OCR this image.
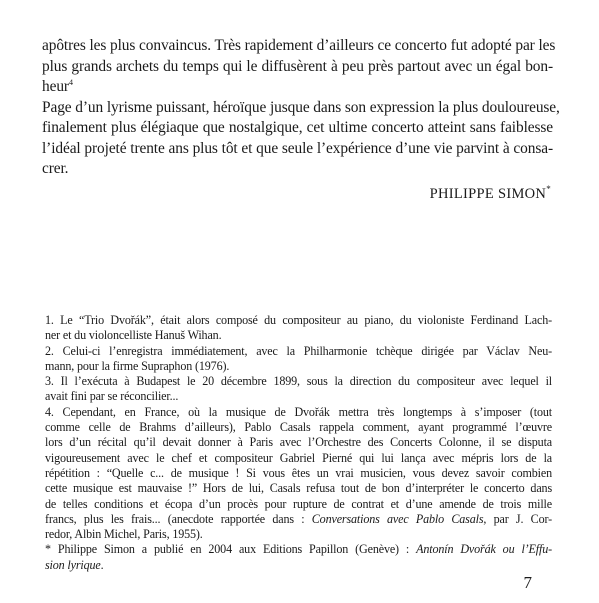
apôtres les plus convaincus. Très rapidement d’ailleurs ce concerto fut adopté par les
plus grands archets du temps qui le diffusèrent à peu près partout avec un égal bon-
heur$^4$
Page d’un lyrisme puissant, héroïque jusque dans son expression la plus douloureuse,
finalement plus élégiaque que nostalgique, cet ultime concerto atteint sans faiblesse
l’idéal projeté trente ans plus tôt et que seule l’expérience d’une vie parvint à consa-
crer.
PHILIPPE SIMON*
1. Le “Trio Dvořák”, était alors composé du compositeur au piano, du violoniste Ferdinand Lach-
ner et du violoncelliste Hanuš Wihan.
2. Celui-ci l’enregistra immédiatement, avec la Philharmonie tchèque dirigée par Václav Neu-
mann, pour la firme Supraphon (1976).
3. Il l’exécuta à Budapest le 20 décembre 1899, sous la direction du compositeur avec lequel il
avait fini par se réconcilier...
4. Cependant, en France, où la musique de Dvořák mettra très longtemps à s’imposer (tout
comme celle de Brahms d’ailleurs), Pablo Casals rappela comment, ayant programmé l’œuvre
lors d’un récital qu’il devait donner à Paris avec l’Orchestre des Concerts Colonne, il se disputa
vigoureusement avec le chef et compositeur Gabriel Pierné qui lui lança avec mépris lors de la
répétition : “Quelle c... de musique ! Si vous êtes un vrai musicien, vous devez savoir combien
cette musique est mauvaise !” Hors de lui, Casals refusa tout de bon d’interpréter le concerto dans
de telles conditions et écopa d’un procès pour rupture de contrat et d’une amende de trois mille
francs, plus les frais... (anecdote rapportée dans : Conversations avec Pablo Casals, par J. Cor-
redor, Albin Michel, Paris, 1955).
* Philippe Simon a publié en 2004 aux Editions Papillon (Genève) : Antonín Dvořák ou l’Effu-
sion lyrique.
7
